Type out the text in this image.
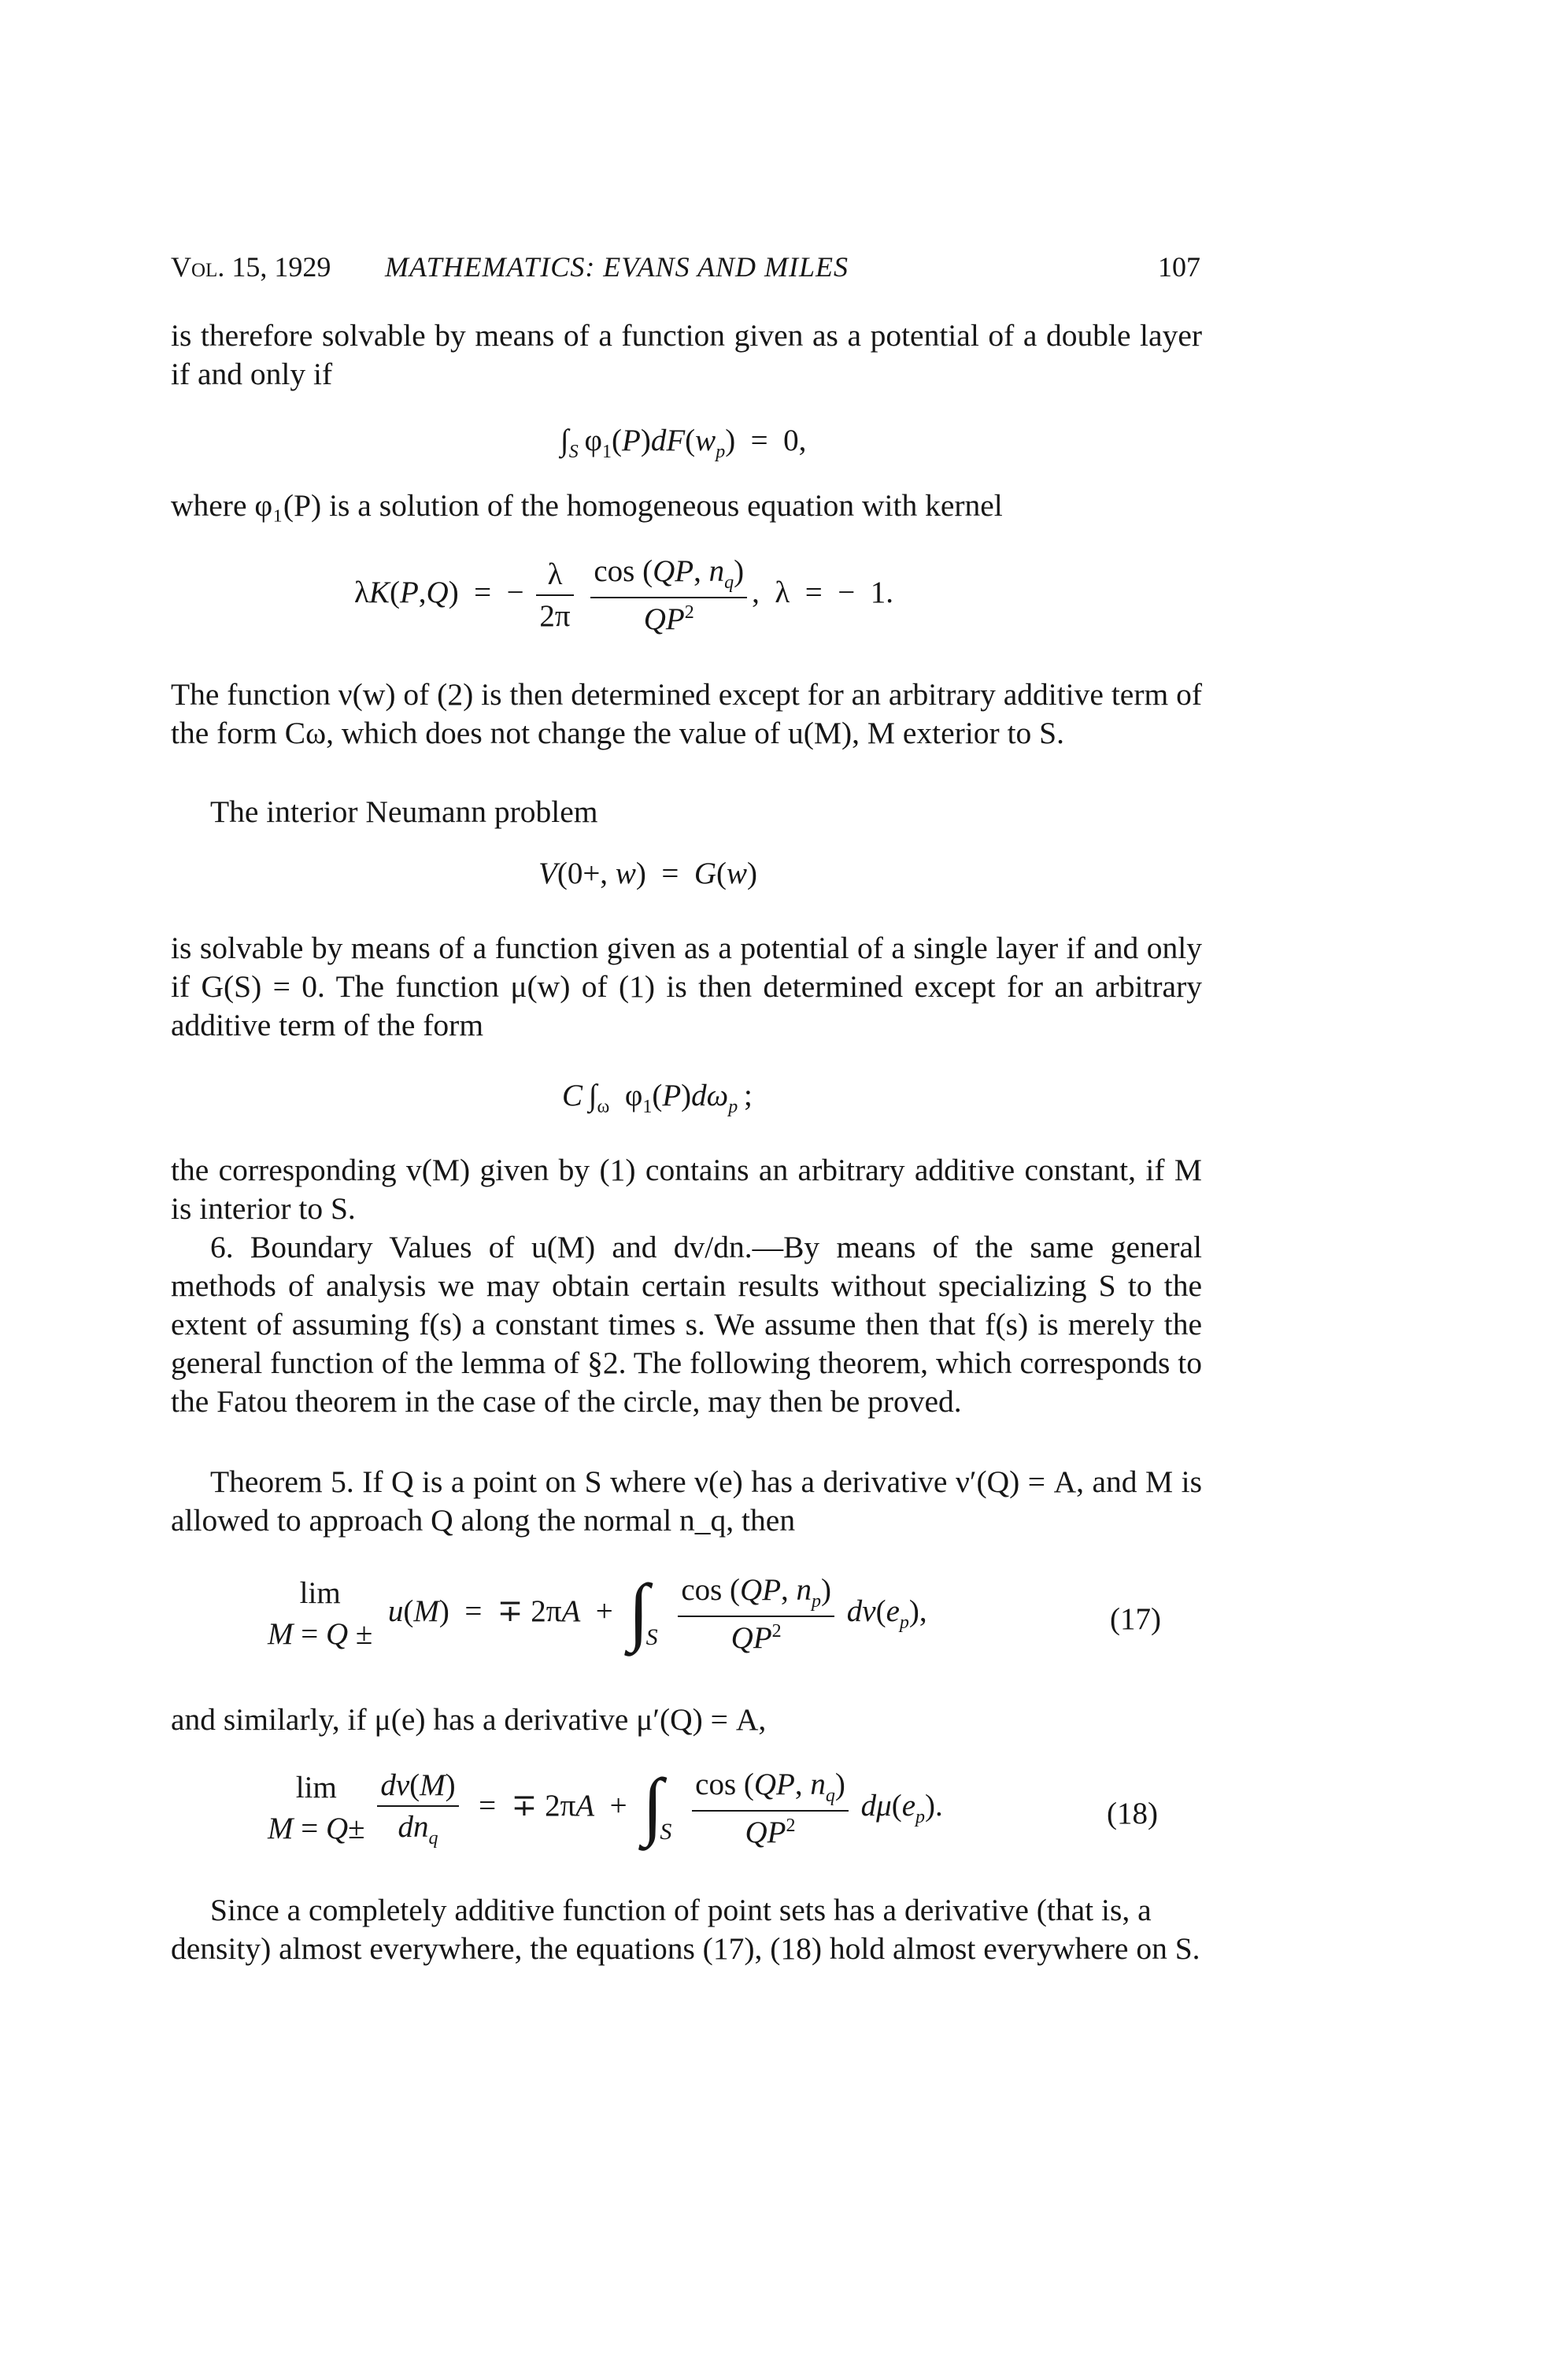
Vol. 15, 1929 MATHEMATICS: EVANS AND MILES	107

is therefore solvable by means of a function given as a potential of a double layer if and only if

$\int_S$ $\varphi_1(P)dF(w_p) = 0$,

where φ₁(P) is a solution of the homogeneous equation with kernel

λK(P,Q)  =  − $\frac{\lambda}{2\pi}$
$\frac{\cos (QP, n_q)}{QP^2}$ ,  λ  =  −  1.

The function ν(w) of (2) is then determined except for an arbitrary additive term of the form Cω, which does not change the value of u(M), M exterior to S.

The interior Neumann problem

V(0+, w)  =  G(w)

is solvable by means of a function given as a potential of a single layer if and only if G(S) = 0. The function μ(w) of (1) is then determined except for an arbitrary additive term of the form

C $\int_\omega$  $\varphi_1(P)d\omega_p$ ;

the corresponding v(M) given by (1) contains an arbitrary additive constant, if M is interior to S.

6. Boundary Values of u(M) and dv/dn.—By means of the same general methods of analysis we may obtain certain results without specializing S to the extent of assuming f(s) a constant times s. We assume then that f(s) is merely the general function of the lemma of §2. The following theorem, which corresponds to the Fatou theorem in the case of the circle, may then be proved.

Theorem 5. If Q is a point on S where ν(e) has a derivative ν′(Q) = A, and M is allowed to approach Q along the normal n_q, then

lim
M = Q ±
u(M)  =  ∓ $2\pi A + \int_S \frac{\cos (QP, n_p)}{QP^2} d\nu(e_p)$,	(17)

and similarly, if μ(e) has a derivative μ′(Q) = A,

lim
M = Q±
$\frac{dv(M)}{dn_q}$ =  ∓ $2\pi A + \int_S \frac{\cos (QP, n_q)}{QP^2} d\mu(e_p)$.	(18)

Since a completely additive function of point sets has a derivative (that is, a density) almost everywhere, the equations (17), (18) hold almost everywhere on S.
